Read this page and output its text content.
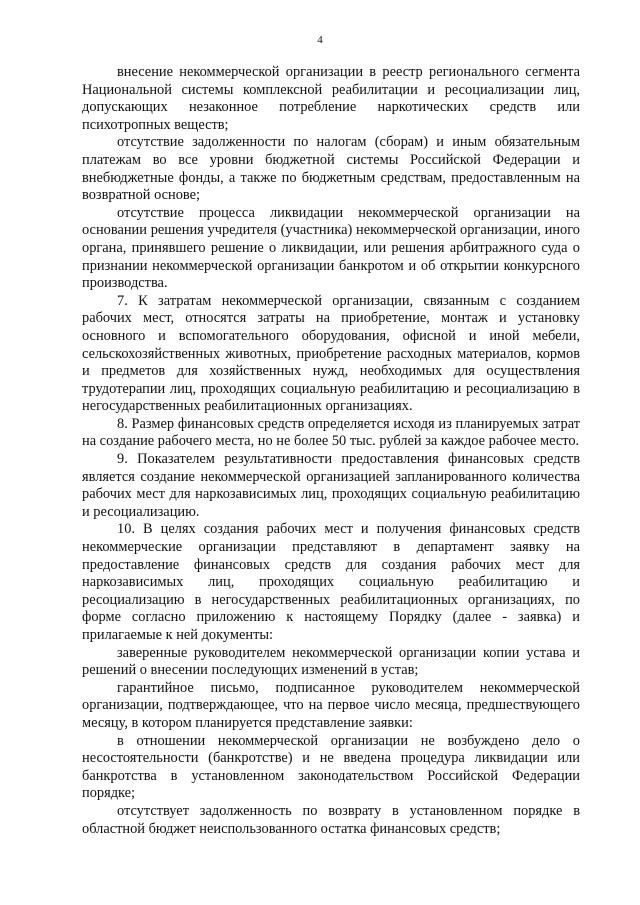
4

внесение некоммерческой организации в реестр регионального сегмента Национальной системы комплексной реабилитации и ресоциализации лиц, допускающих незаконное потребление наркотических средств или психотропных веществ;

отсутствие задолженности по налогам (сборам) и иным обязательным платежам во все уровни бюджетной системы Российской Федерации и внебюджетные фонды, а также по бюджетным средствам, предоставленным на возвратной основе;

отсутствие процесса ликвидации некоммерческой организации на основании решения учредителя (участника) некоммерческой организации, иного органа, принявшего решение о ликвидации, или решения арбитражного суда о признании некоммерческой организации банкротом и об открытии конкурсного производства.

7. К затратам некоммерческой организации, связанным с созданием рабочих мест, относятся затраты на приобретение, монтаж и установку основного и вспомогательного оборудования, офисной и иной мебели, сельскохозяйственных животных, приобретение расходных материалов, кормов и предметов для хозяйственных нужд, необходимых для осуществления трудотерапии лиц, проходящих социальную реабилитацию и ресоциализацию в негосударственных реабилитационных организациях.

8. Размер финансовых средств определяется исходя из планируемых затрат на создание рабочего места, но не более 50 тыс. рублей за каждое рабочее место.

9. Показателем результативности предоставления финансовых средств является создание некоммерческой организацией запланированного количества рабочих мест для наркозависимых лиц, проходящих социальную реабилитацию и ресоциализацию.

10. В целях создания рабочих мест и получения финансовых средств некоммерческие организации представляют в департамент заявку на предоставление финансовых средств для создания рабочих мест для наркозависимых лиц, проходящих социальную реабилитацию и ресоциализацию в негосударственных реабилитационных организациях, по форме согласно приложению к настоящему Порядку (далее - заявка) и прилагаемые к ней документы:

заверенные руководителем некоммерческой организации копии устава и решений о внесении последующих изменений в устав;

гарантийное письмо, подписанное руководителем некоммерческой организации, подтверждающее, что на первое число месяца, предшествующего месяцу, в котором планируется представление заявки:

в отношении некоммерческой организации не возбуждено дело о несостоятельности (банкротстве) и не введена процедура ликвидации или банкротства в установленном законодательством Российской Федерации порядке;

отсутствует задолженность по возврату в установленном порядке в областной бюджет неиспользованного остатка финансовых средств;
